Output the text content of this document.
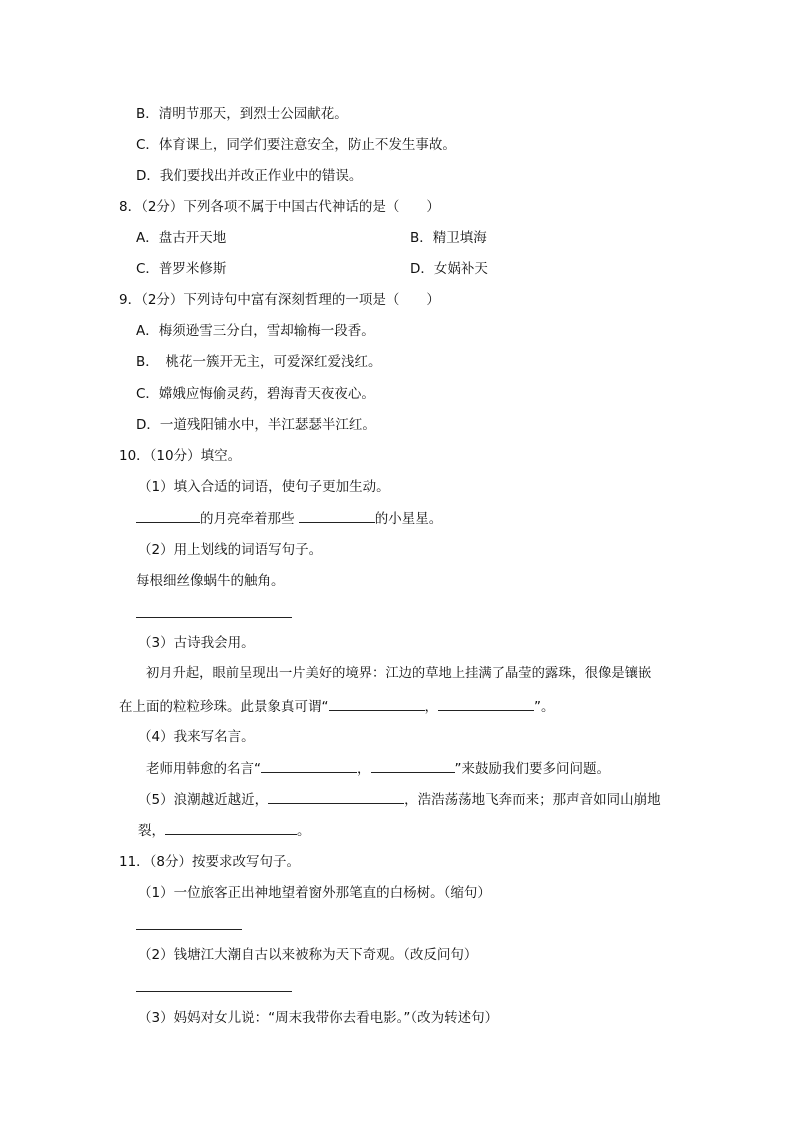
B．清明节那天，到烈士公园献花。
C．体育课上，同学们要注意安全，防止不发生事故。
D．我们要找出并改正作业中的错误。
8．（2分）下列各项不属于中国古代神话的是（　　）
A．盘古开天地	B．精卫填海
C．普罗米修斯	D．女娲补天
9．（2分）下列诗句中富有深刻哲理的一项是（　　）
A．梅须逊雪三分白，雪却输梅一段香。
B．　桃花一簇开无主，可爱深红爱浅红。
C．嫦娥应悔偷灵药，碧海青天夜夜心。
D．一道残阳铺水中，半江瑟瑟半江红。
10．（10分）填空。
（1）填入合适的词语，使句子更加生动。
的月亮牵着那些	的小星星。
（2）用上划线的词语写句子。
每根细丝像蜗牛的触角。
（3）古诗我会用。
初月升起，眼前呈现出一片美好的境界：江边的草地上挂满了晶莹的露珠，很像是镶嵌
在上面的粒粒珍珠。此景象真可谓“	，	”。
（4）我来写名言。
老师用韩愈的名言“	，	”来鼓励我们要多问问题。
（5）浪潮越近越近，	，浩浩荡荡地飞奔而来；那声音如同山崩地
裂，	。
11．（8分）按要求改写句子。
（1）一位旅客正出神地望着窗外那笔直的白杨树。（缩句）
（2）钱塘江大潮自古以来被称为天下奇观。（改反问句）
（3）妈妈对女儿说：“周末我带你去看电影。”（改为转述句）
